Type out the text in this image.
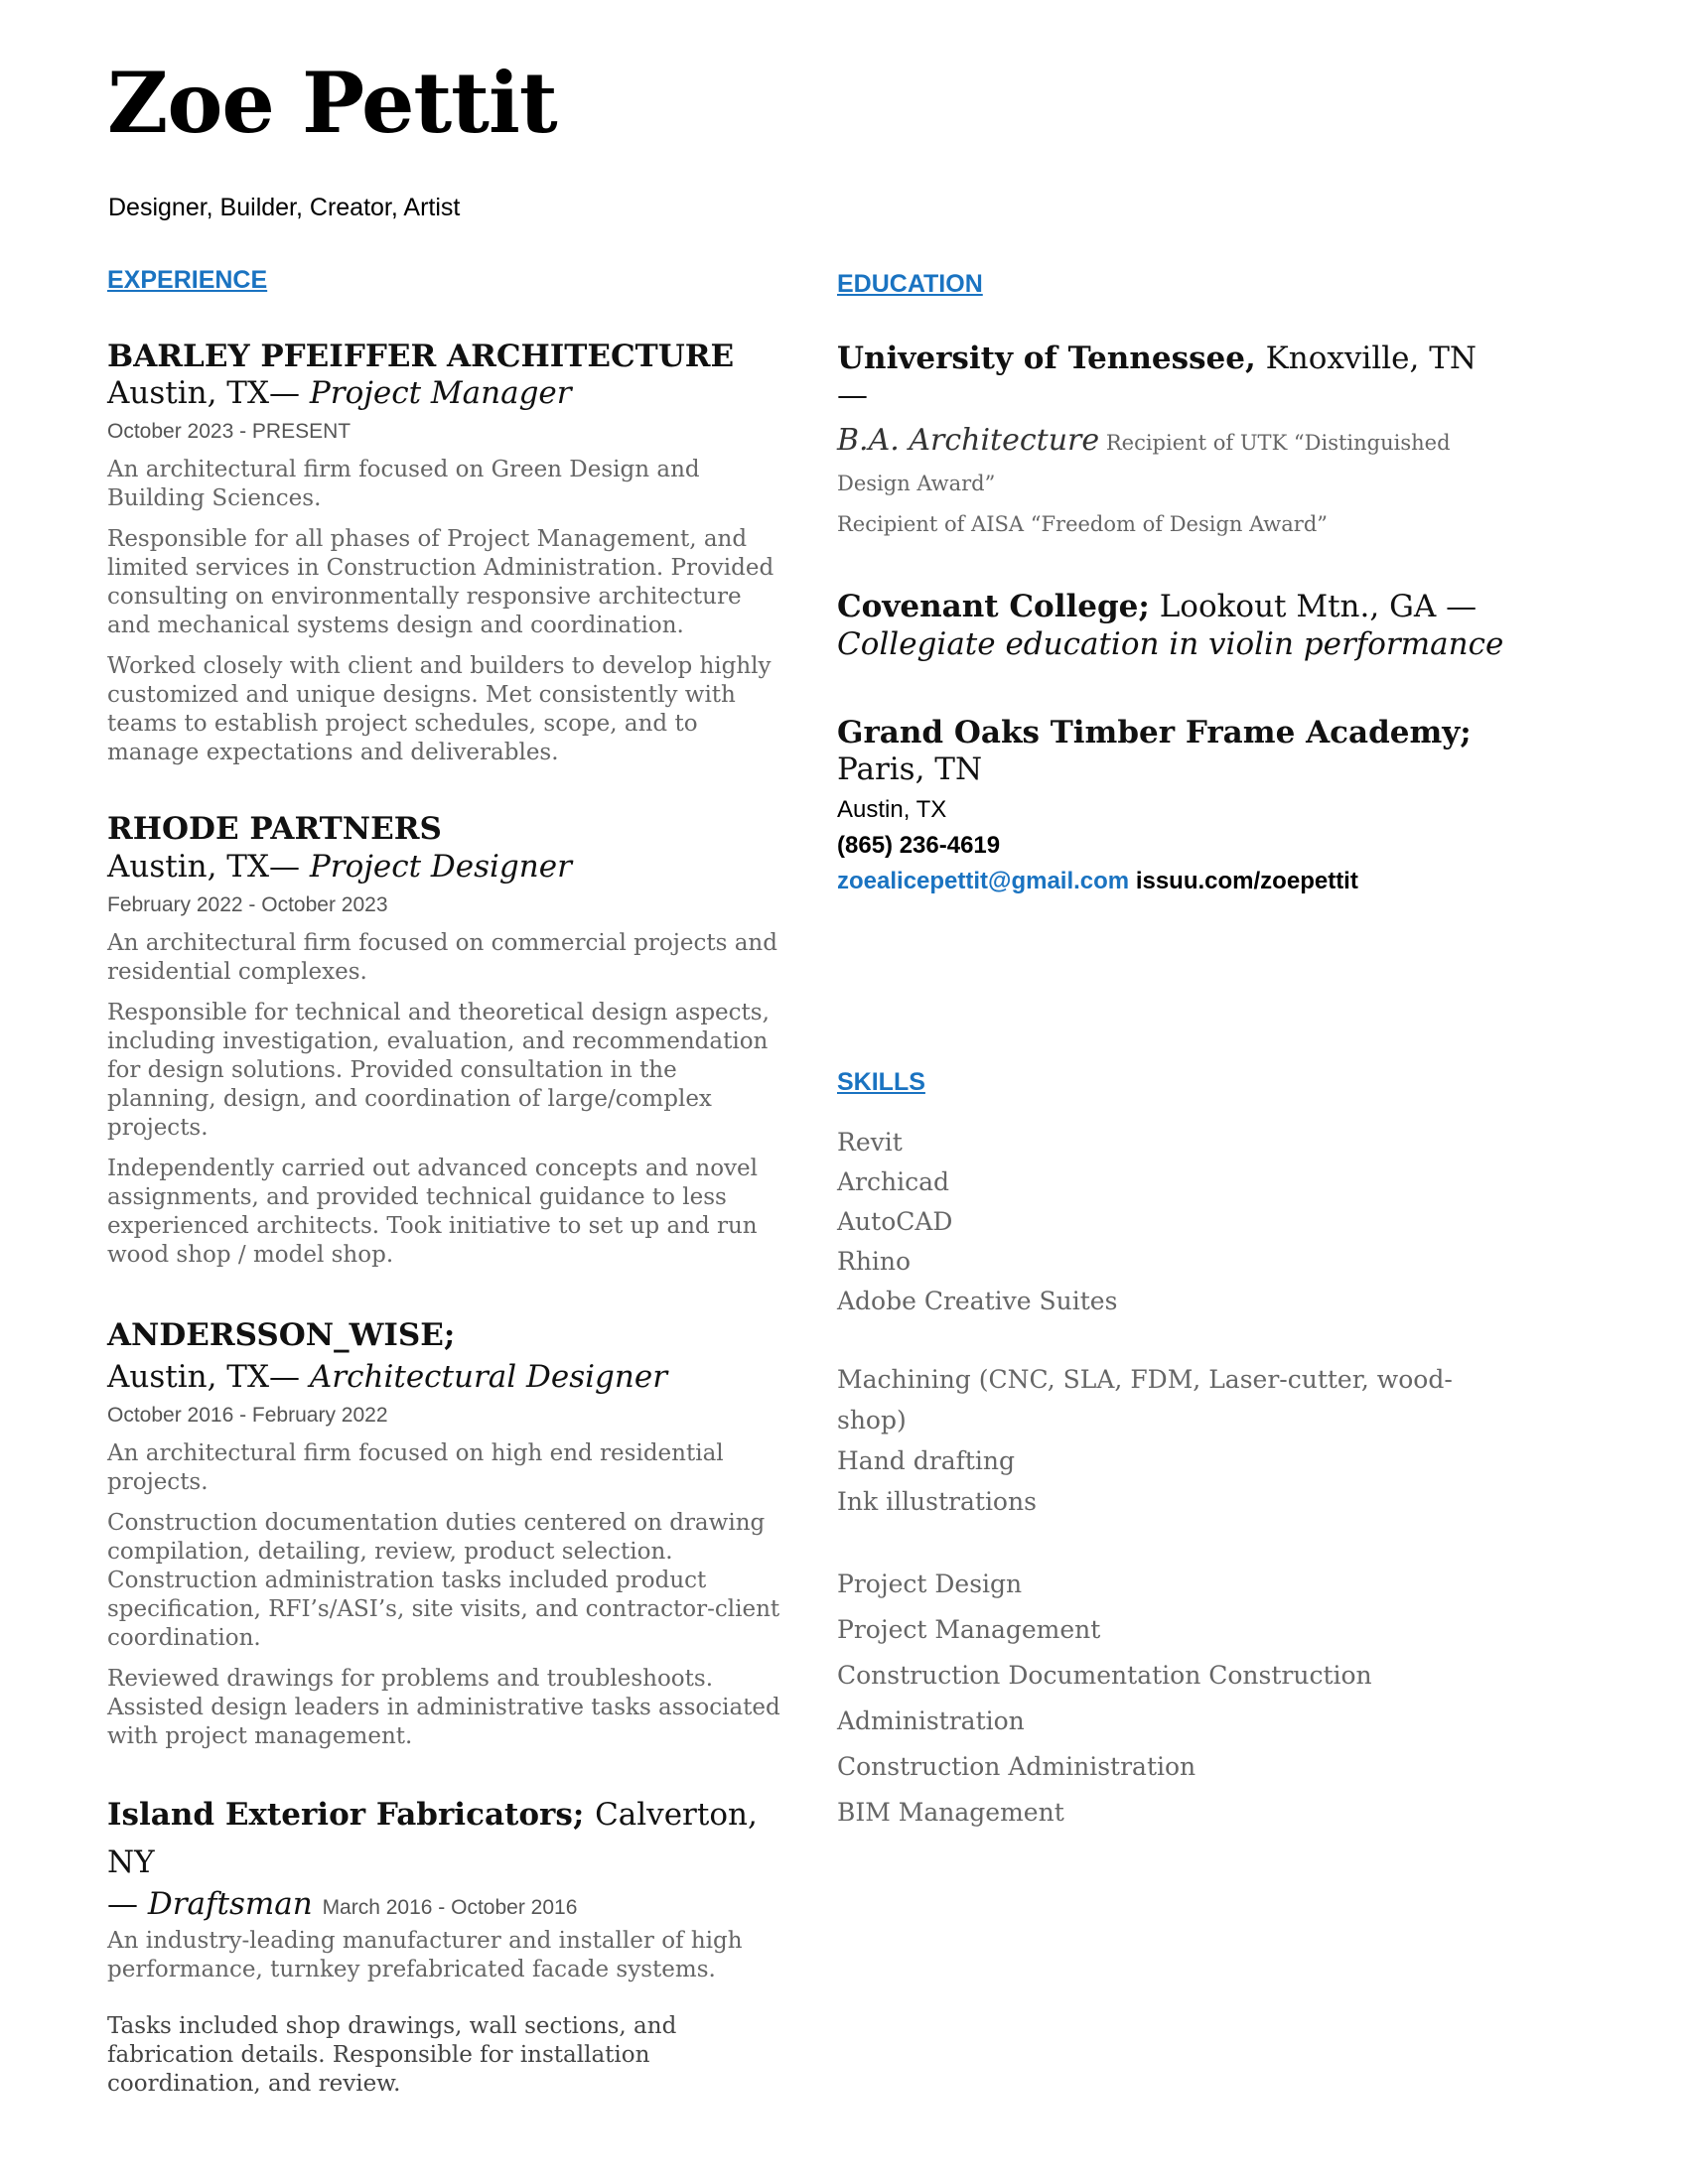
Zoe Pettit
Designer, Builder, Creator, Artist
EXPERIENCE
BARLEY PFEIFFER ARCHITECTURE
Austin, TX— Project Manager
October 2023 - PRESENT
An architectural firm focused on Green Design and Building Sciences.
Responsible for all phases of Project Management, and limited services in Construction Administration. Provided consulting on environmentally responsive architecture and mechanical systems design and coordination.
Worked closely with client and builders to develop highly customized and unique designs. Met consistently with teams to establish project schedules, scope, and to manage expectations and deliverables.
RHODE PARTNERS
Austin, TX— Project Designer
February 2022 - October 2023
An architectural firm focused on commercial projects and residential complexes.
Responsible for technical and theoretical design aspects, including investigation, evaluation, and recommendation for design solutions. Provided consultation in the planning, design, and coordination of large/complex projects.
Independently carried out advanced concepts and novel assignments, and provided technical guidance to less experienced architects. Took initiative to set up and run wood shop / model shop.
ANDERSSON_WISE;
Austin, TX— Architectural Designer
October 2016 - February 2022
An architectural firm focused on high end residential projects.
Construction documentation duties centered on drawing compilation, detailing, review, product selection. Construction administration tasks included product specification, RFI’s/ASI’s, site visits, and contractor-client coordination.
Reviewed drawings for problems and troubleshoots. Assisted design leaders in administrative tasks associated with project management.
Island Exterior Fabricators; Calverton, NY
— Draftsman March 2016 - October 2016
An industry-leading manufacturer and installer of high performance, turnkey prefabricated facade systems.
Tasks included shop drawings, wall sections, and fabrication details. Responsible for installation coordination, and review.
EDUCATION
University of Tennessee, Knoxville, TN —
B.A. Architecture Recipient of UTK “Distinguished Design Award”
Recipient of AISA “Freedom of Design Award”
Covenant College; Lookout Mtn., GA —
Collegiate education in violin performance
Grand Oaks Timber Frame Academy; Paris, TN
Austin, TX
(865) 236-4619
zoealicepettit@gmail.com issuu.com/zoepettit
SKILLS
Revit
Archicad
AutoCAD
Rhino
Adobe Creative Suites
Machining (CNC, SLA, FDM, Laser-cutter, wood-shop)
Hand drafting
Ink illustrations
Project Design
Project Management
Construction Documentation Construction
Administration
Construction Administration
BIM Management
